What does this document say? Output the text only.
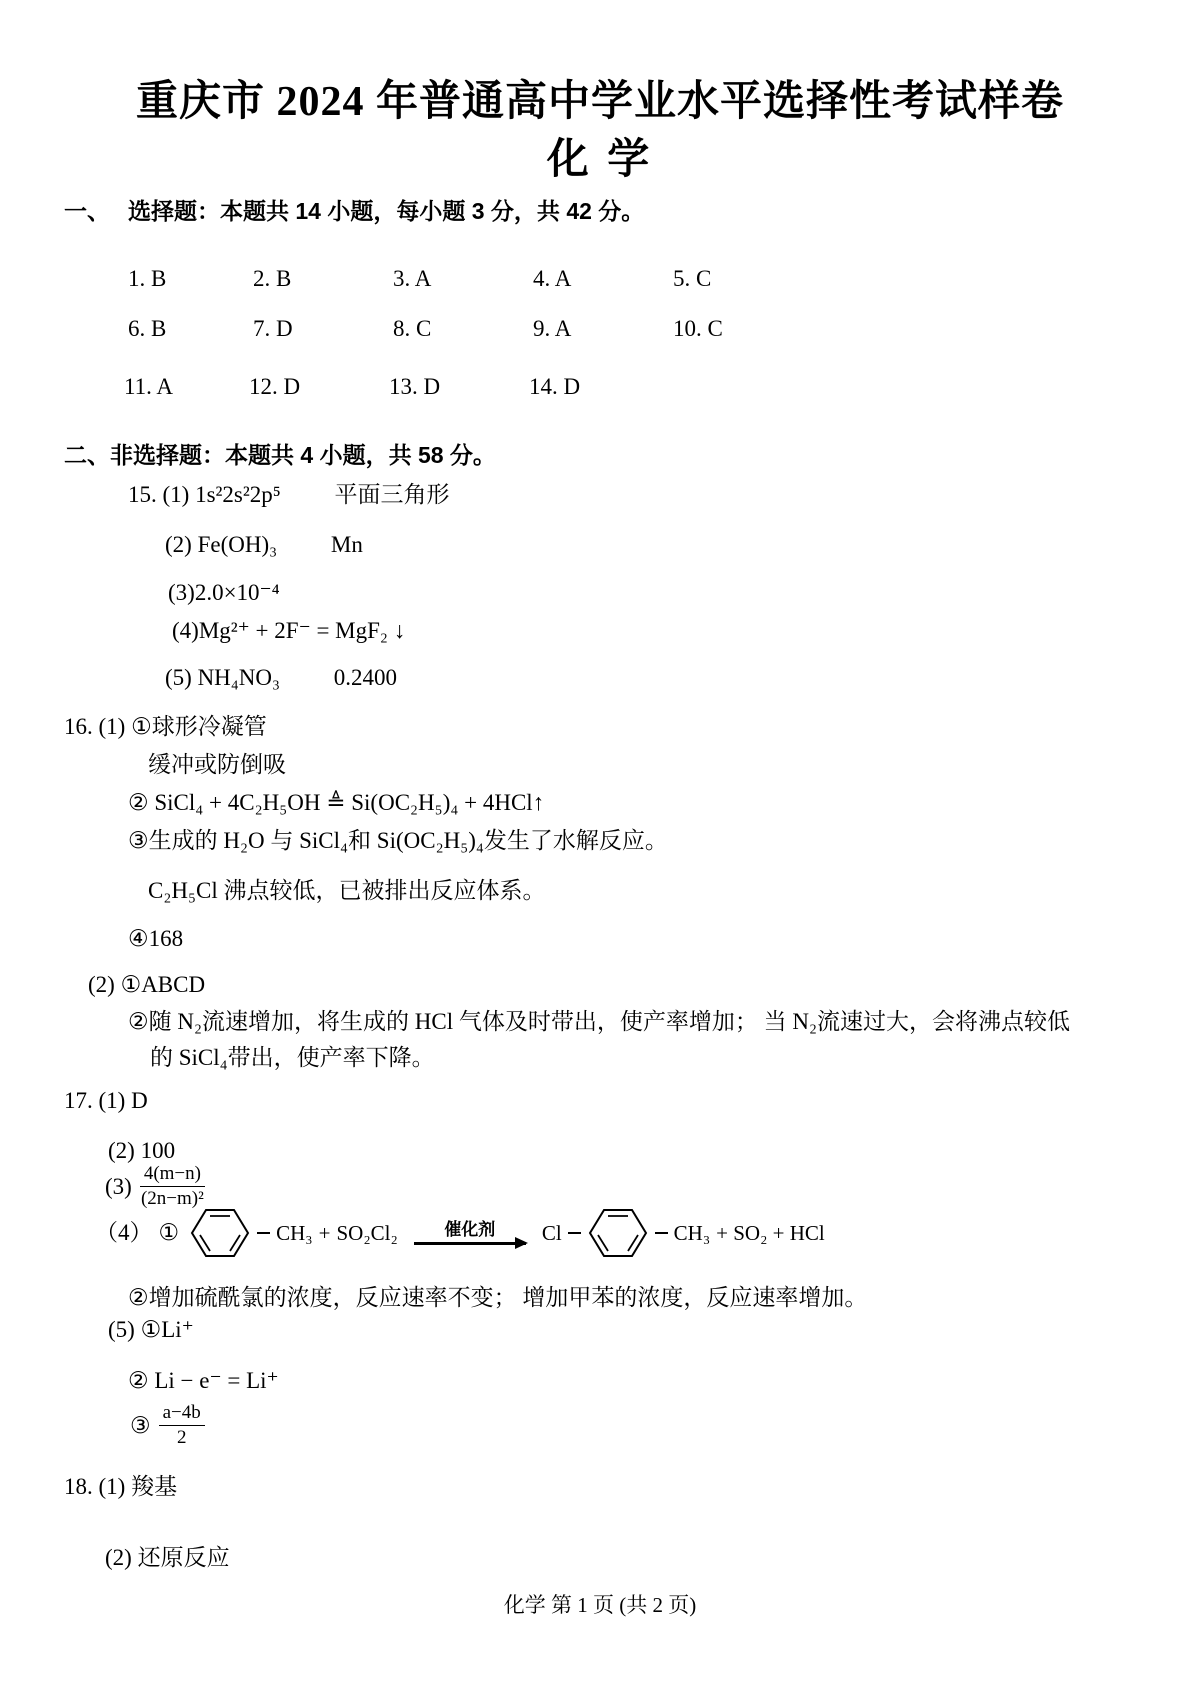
重庆市 2024 年普通高中学业水平选择性考试样卷
化 学
一、 选择题：本题共 14 小题，每小题 3 分，共 42 分。
1. B	2. B	3. A	4. A	5. C
6. B	7. D	8. C	9. A	10. C
11. A	12. D	13. D	14. D
二、非选择题：本题共 4 小题，共 58 分。
15. (1) 1s²2s²2p⁵ 平面三角形
(2) Fe(OH)₃ Mn
(3)2.0×10⁻⁴
(4)Mg²⁺ + 2F⁻ = MgF₂ ↓
(5) NH₄NO₃ 0.2400
16. (1) ①球形冷凝管
缓冲或防倒吸
② SiCl₄ + 4C₂H₅OH ≜ Si(OC₂H₅)₄ + 4HCl↑
③生成的 H₂O 与 SiCl₄和 Si(OC₂H₅)₄发生了水解反应。
C₂H₅Cl 沸点较低，已被排出反应体系。
④168
(2) ①ABCD
②随 N₂流速增加，将生成的 HCl 气体及时带出，使产率增加； 当 N₂流速过大，会将沸点较低
的 SiCl₄带出，使产率下降。
17. (1) D
(2) 100
$(3) \frac{4(m-n)}{\text{(2n−m)²}}$
（4） ①	CH₃ + SO₂Cl₂	催化剂 Cl	CH₃ + SO₂ + HCl
②增加硫酰氯的浓度，反应速率不变； 增加甲苯的浓度，反应速率增加。
(5) ①Li⁺
② Li − e⁻ = Li⁺
③ $\frac{a-4b}{2}$
18. (1) 羧基
(2) 还原反应
化学 第 1 页 (共 2 页)
